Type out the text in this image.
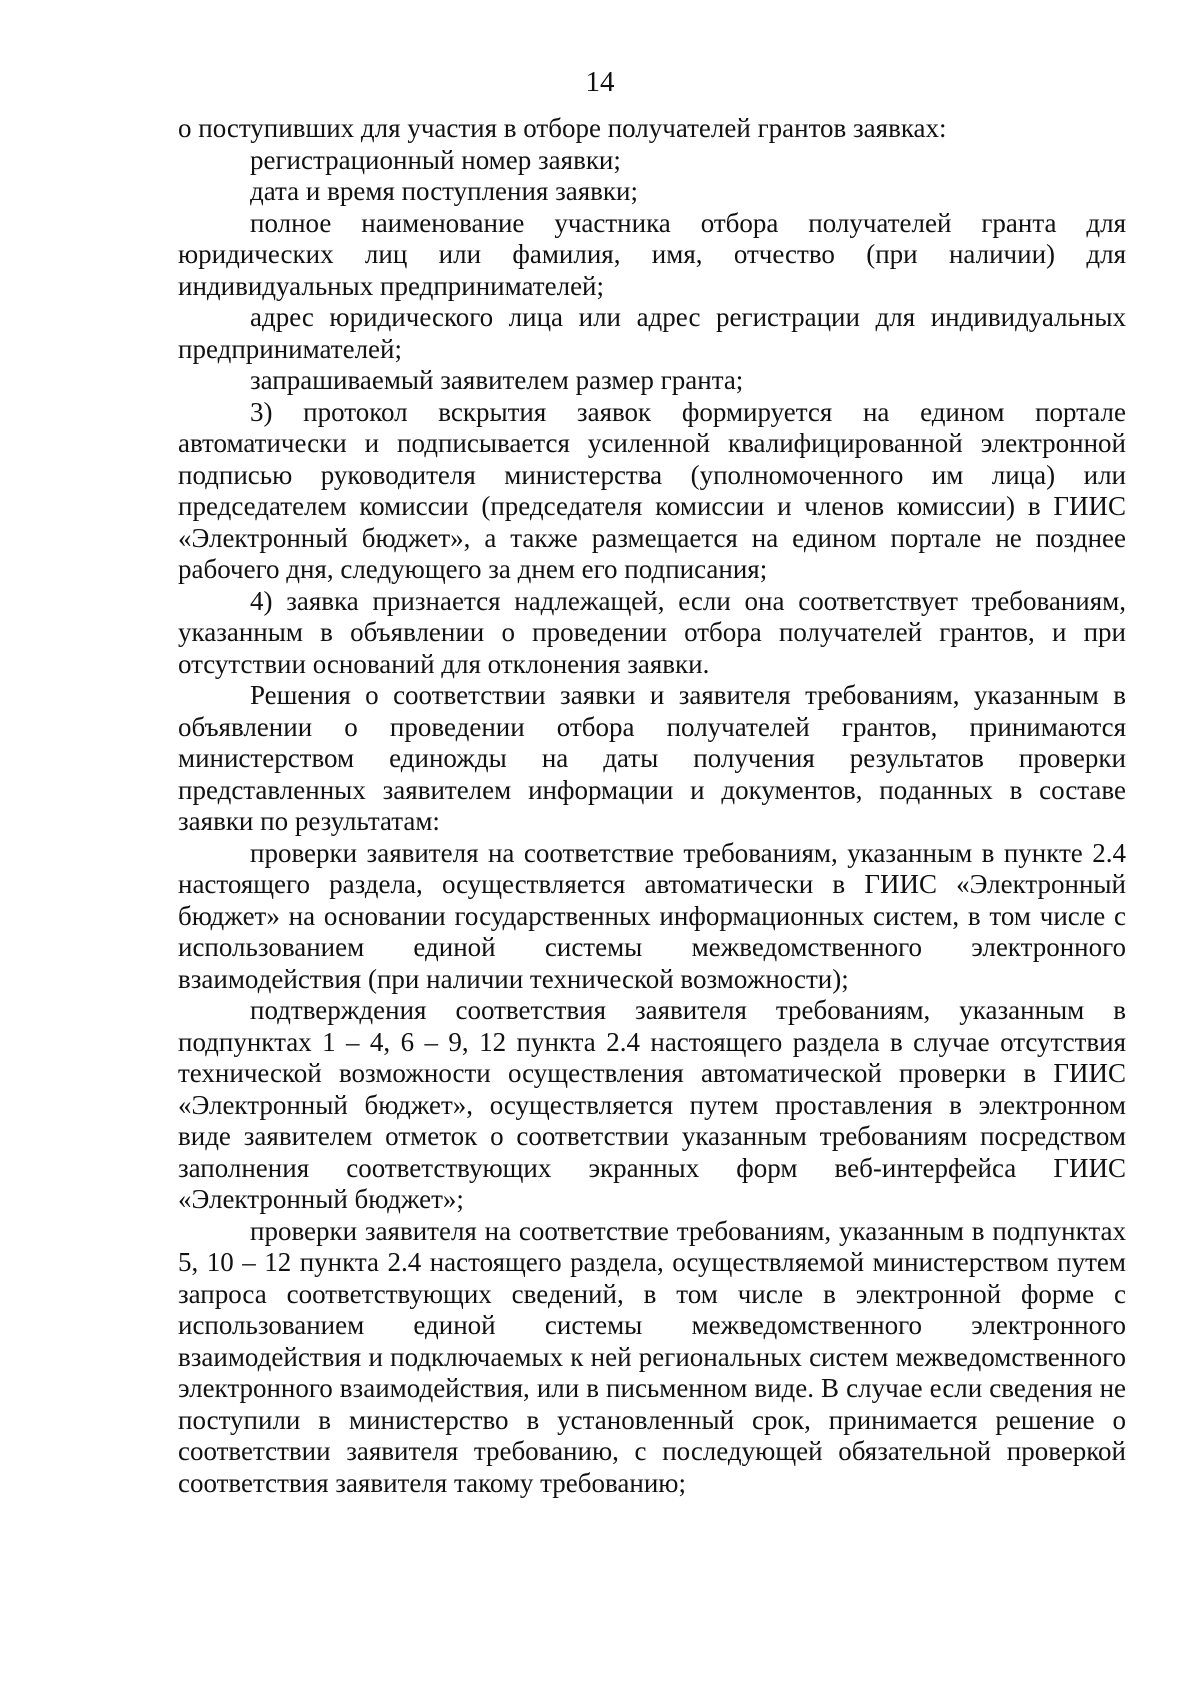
14

о поступивших для участия в отборе получателей грантов заявках:

регистрационный номер заявки;

дата и время поступления заявки;

полное наименование участника отбора получателей гранта для юридических лиц или фамилия, имя, отчество (при наличии) для индивидуальных предпринимателей;

адрес юридического лица или адрес регистрации для индивидуальных предпринимателей;

запрашиваемый заявителем размер гранта;

3) протокол вскрытия заявок формируется на едином портале автоматически и подписывается усиленной квалифицированной электронной подписью руководителя министерства (уполномоченного им лица) или председателем комиссии (председателя комиссии и членов комиссии) в ГИИС «Электронный бюджет», а также размещается на едином портале не позднее рабочего дня, следующего за днем его подписания;

4) заявка признается надлежащей, если она соответствует требованиям, указанным в объявлении о проведении отбора получателей грантов, и при отсутствии оснований для отклонения заявки.

Решения о соответствии заявки и заявителя требованиям, указанным в объявлении о проведении отбора получателей грантов, принимаются министерством единожды на даты получения результатов проверки представленных заявителем информации и документов, поданных в составе заявки по результатам:

проверки заявителя на соответствие требованиям, указанным в пункте 2.4 настоящего раздела, осуществляется автоматически в ГИИС «Электронный бюджет» на основании государственных информационных систем, в том числе с использованием единой системы межведомственного электронного взаимодействия (при наличии технической возможности);

подтверждения соответствия заявителя требованиям, указанным в подпунктах 1 – 4, 6 – 9, 12 пункта 2.4 настоящего раздела в случае отсутствия технической возможности осуществления автоматической проверки в ГИИС «Электронный бюджет», осуществляется путем проставления в электронном виде заявителем отметок о соответствии указанным требованиям посредством заполнения соответствующих экранных форм веб-интерфейса ГИИС «Электронный бюджет»;

проверки заявителя на соответствие требованиям, указанным в подпунктах 5, 10 – 12 пункта 2.4 настоящего раздела, осуществляемой министерством путем запроса соответствующих сведений, в том числе в электронной форме с использованием единой системы межведомственного электронного взаимодействия и подключаемых к ней региональных систем межведомственного электронного взаимодействия, или в письменном виде. В случае если сведения не поступили в министерство в установленный срок, принимается решение о соответствии заявителя требованию, с последующей обязательной проверкой соответствия заявителя такому требованию;
